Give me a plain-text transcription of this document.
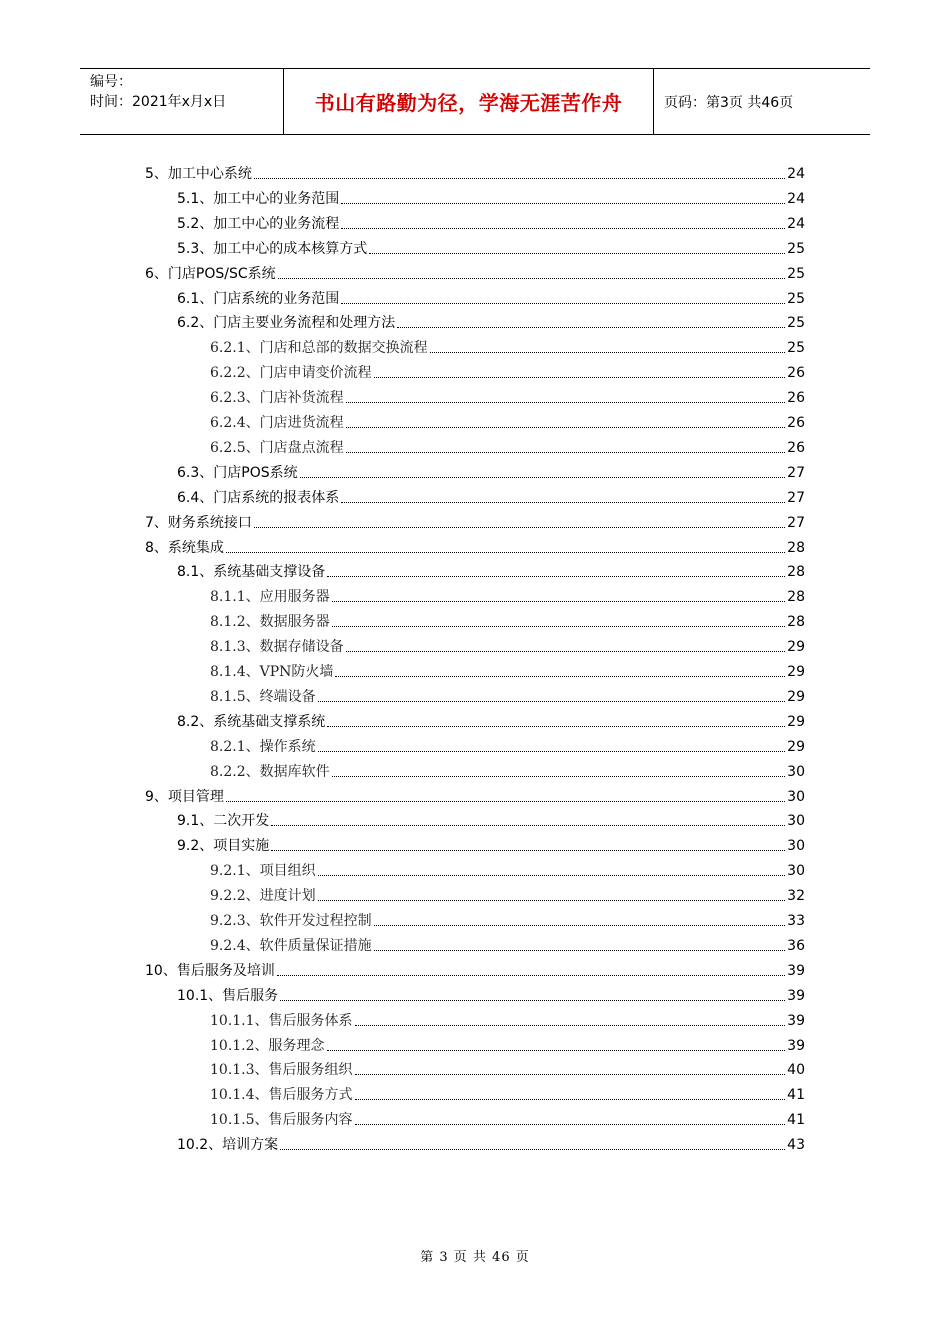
编号：
时间：2021年x月x日	书山有路勤为径，学海无涯苦作舟	页码：第3页 共46页
5、加工中心系统	24
5.1、加工中心的业务范围	24
5.2、加工中心的业务流程	24
5.3、加工中心的成本核算方式	25
6、门店POS/SC系统	25
6.1、门店系统的业务范围	25
6.2、门店主要业务流程和处理方法	25
6.2.1、门店和总部的数据交换流程	25
6.2.2、门店申请变价流程	26
6.2.3、门店补货流程	26
6.2.4、门店进货流程	26
6.2.5、门店盘点流程	26
6.3、门店POS系统	27
6.4、门店系统的报表体系	27
7、财务系统接口	27
8、系统集成	28
8.1、系统基础支撑设备	28
8.1.1、应用服务器	28
8.1.2、数据服务器	28
8.1.3、数据存储设备	29
8.1.4、VPN防火墙	29
8.1.5、终端设备	29
8.2、系统基础支撑系统	29
8.2.1、操作系统	29
8.2.2、数据库软件	30
9、项目管理	30
9.1、二次开发	30
9.2、项目实施	30
9.2.1、项目组织	30
9.2.2、进度计划	32
9.2.3、软件开发过程控制	33
9.2.4、软件质量保证措施	36
10、售后服务及培训	39
10.1、售后服务	39
10.1.1、售后服务体系	39
10.1.2、服务理念	39
10.1.3、售后服务组织	40
10.1.4、售后服务方式	41
10.1.5、售后服务内容	41
10.2、培训方案	43
第 3 页 共 46 页
